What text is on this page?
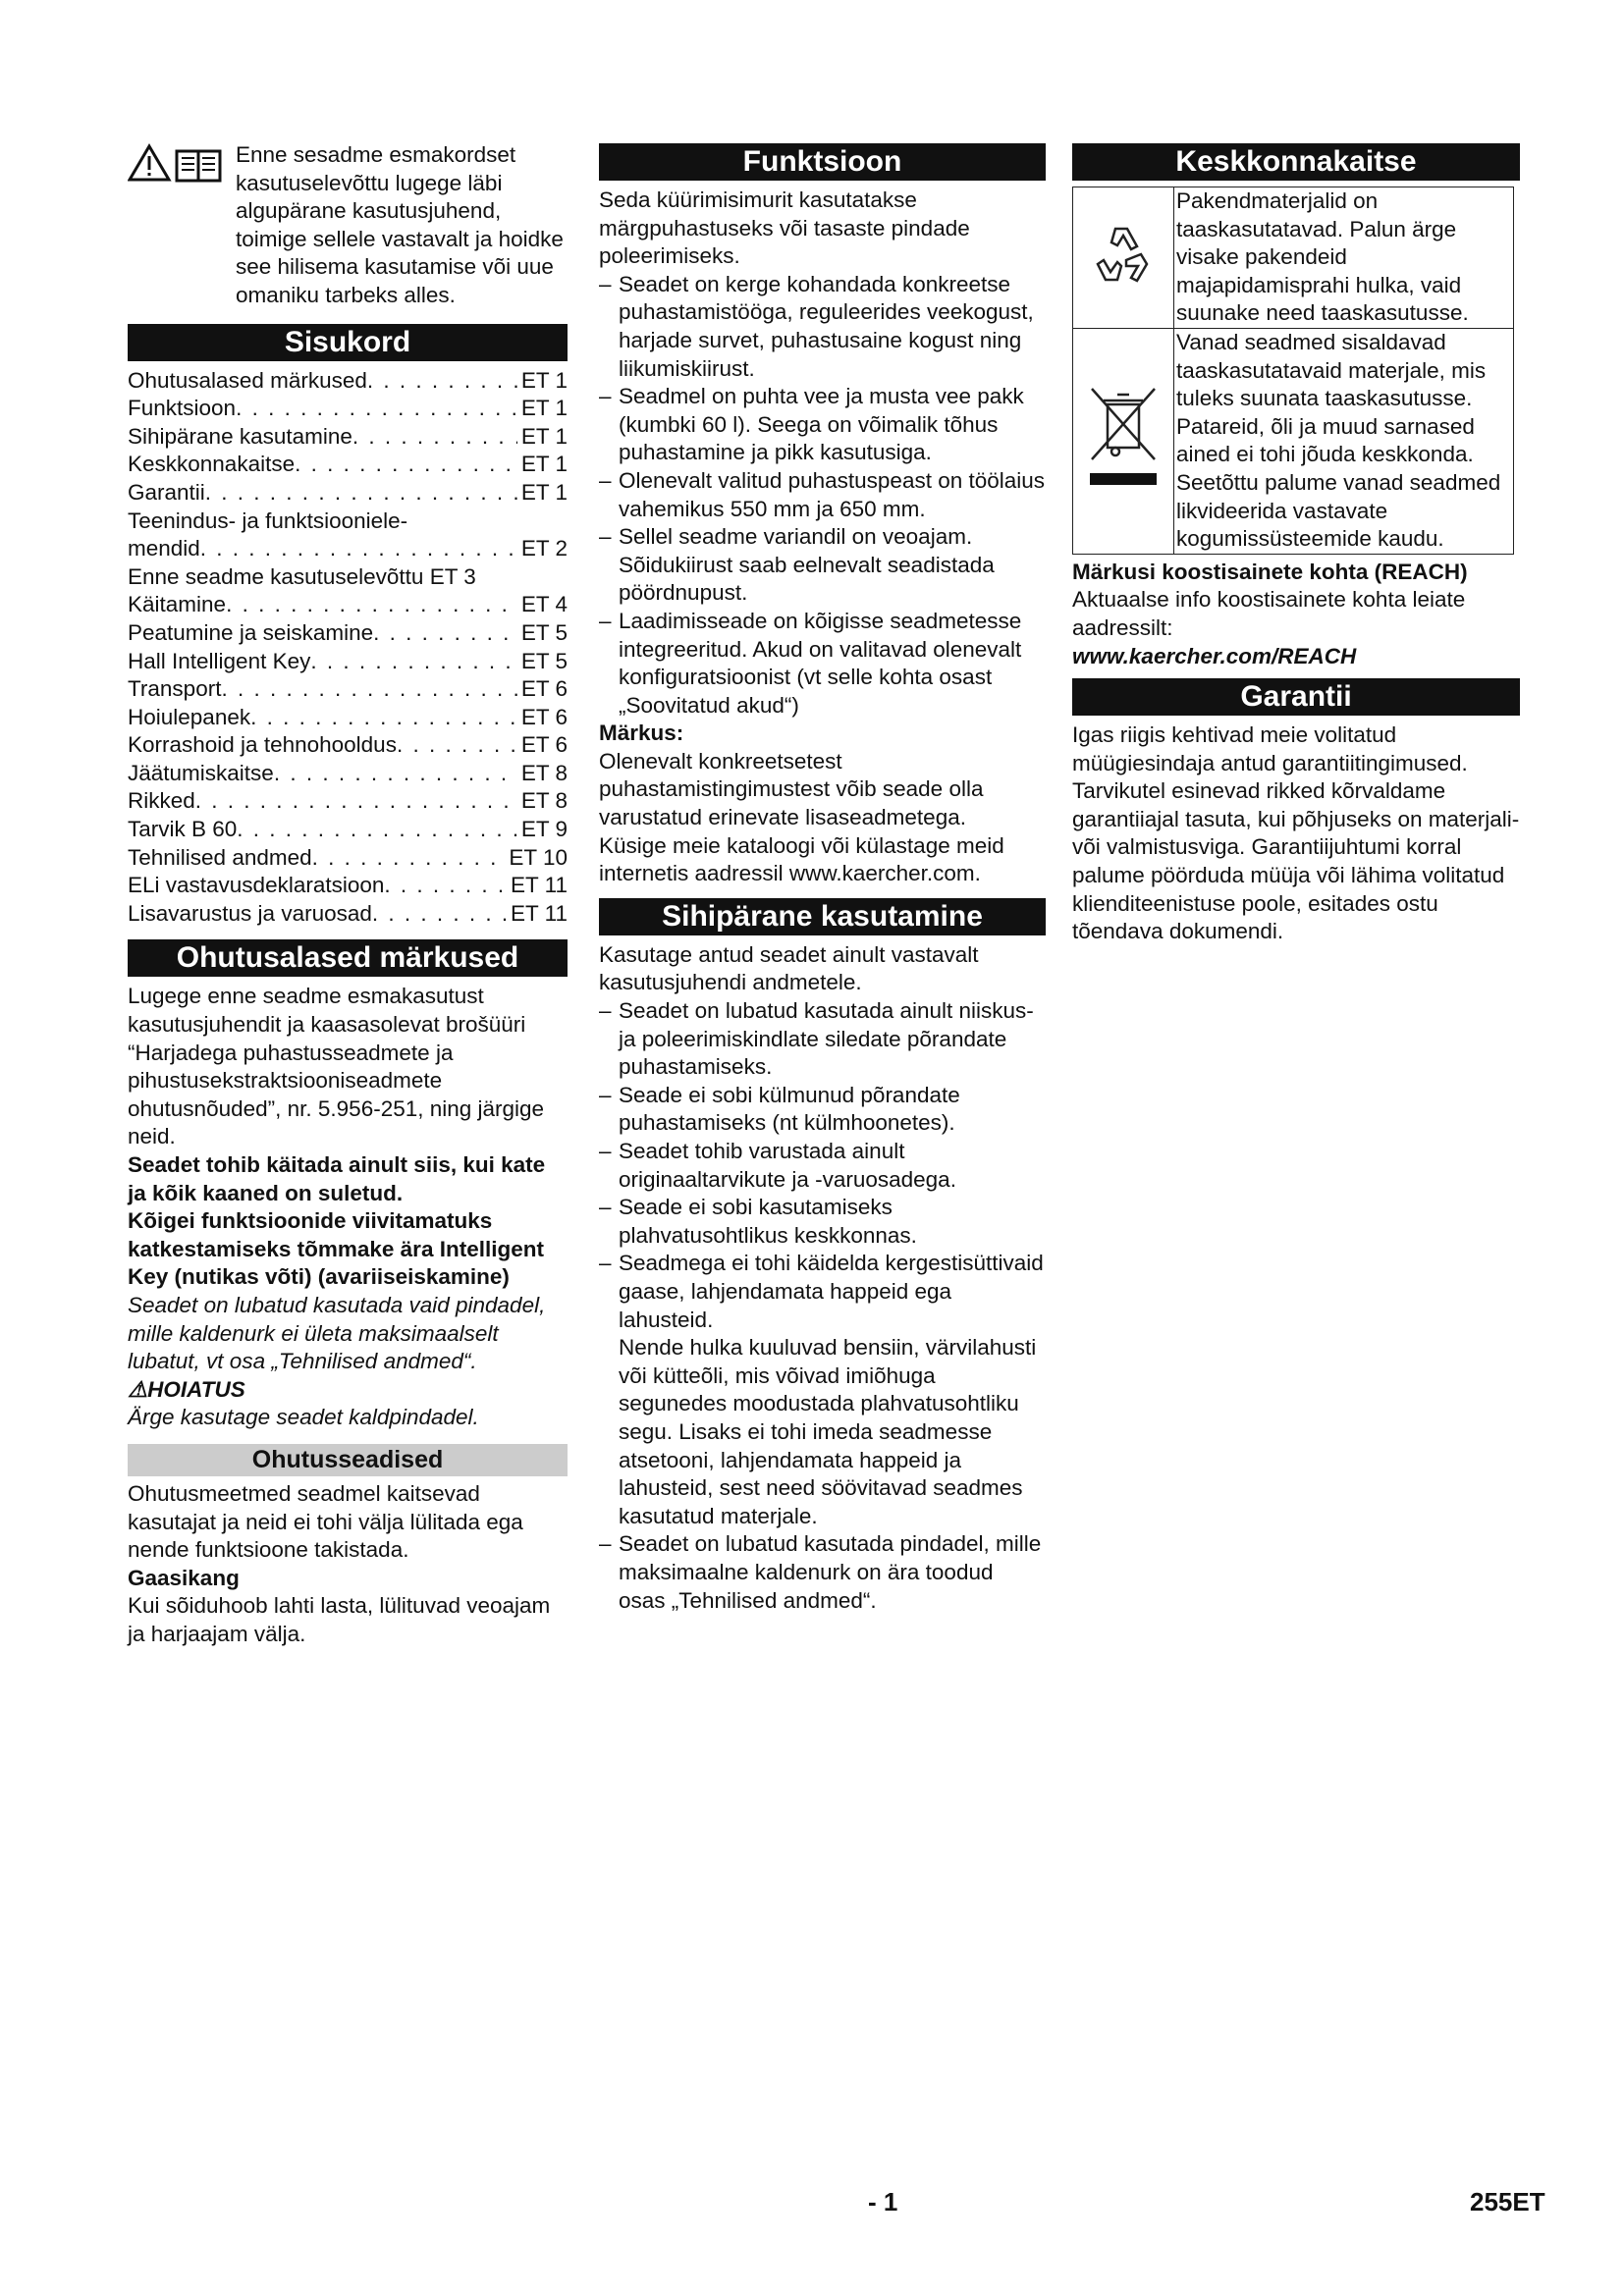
Enne sesadme esmakordset kasutuselevõttu lugege läbi algupärane kasutusjuhend, toimige sellele vastavalt ja hoidke see hilisema kasutamise või uue omaniku tarbeks alles.

Sisukord
Ohutusalased märkused . . .	ET 1
Funktsioon . . .	ET 1
Sihipärane kasutamine . . .	ET 1
Keskkonnakaitse . . .	ET 1
Garantii . . .	ET 1
Teenindus- ja funktsiooniele-
mendid . . .	ET 2
Enne seadme kasutuselevõttu ET 3
Käitamine . . .	ET 4
Peatumine ja seiskamine . . .	ET 5
Hall Intelligent Key . . .	ET 5
Transport . . .	ET 6
Hoiulepanek . . .	ET 6
Korrashoid ja tehnohooldus . . .	ET 6
Jäätumiskaitse . . .	ET 8
Rikked . . .	ET 8
Tarvik B 60 . . .	ET 9
Tehnilised andmed . . .	ET 10
ELi vastavusdeklaratsioon . . .	ET 11
Lisavarustus ja varuosad . . .	ET 11
Ohutusalased märkused

Lugege enne seadme esmakasutust kasutusjuhendit ja kaasasolevat brošüüri “Harjadega puhastusseadmete ja pihustusekstraktsiooniseadmete ohutusnõuded”, nr. 5.956-251, ning järgige neid.

Seadet tohib käitada ainult siis, kui kate ja kõik kaaned on suletud.

Kõigei funktsioonide viivitamatuks katkestamiseks tõmmake ära Intelligent Key (nutikas võti) (avariiseiskamine)

Seadet on lubatud kasutada vaid pindadel, mille kaldenurk ei ületa maksimaalselt lubatut, vt osa „Tehnilised andmed“.

⚠HOIATUS

Ärge kasutage seadet kaldpindadel.

Ohutusseadised

Ohutusmeetmed seadmel kaitsevad kasutajat ja neid ei tohi välja lülitada ega nende funktsioone takistada.

Gaasikang

Kui sõiduhoob lahti lasta, lülituvad veoajam ja harjaajam välja.

Funktsioon

Seda küürimisimurit kasutatakse märgpuhastuseks või tasaste pindade poleerimiseks.

– Seadet on kerge kohandada konkreetse puhastamistööga, reguleerides veekogust, harjade survet, puhastusaine kogust ning liikumiskiirust.
– Seadmel on puhta vee ja musta vee pakk (kumbki 60 l). Seega on võimalik tõhus puhastamine ja pikk kasutusiga.
– Olenevalt valitud puhastuspeast on töölaius vahemikus 550 mm ja 650 mm.
– Sellel seadme variandil on veoajam. Sõidukiirust saab eelnevalt seadistada pöördnupust.
– Laadimisseade on kõigisse seadmetesse integreeritud. Akud on valitavad olenevalt konfiguratsioonist (vt selle kohta osast „Soovitatud akud“)

Märkus:

Olenevalt konkreetsetest puhastamistingimustest võib seade olla varustatud erinevate lisaseadmetega.

Küsige meie kataloogi või külastage meid internetis aadressil www.kaercher.com.

Sihipärane kasutamine

Kasutage antud seadet ainult vastavalt kasutusjuhendi andmetele.

– Seadet on lubatud kasutada ainult niiskus- ja poleerimiskindlate siledate põrandate puhastamiseks.
– Seade ei sobi külmunud põrandate puhastamiseks (nt külmhoonetes).
– Seadet tohib varustada ainult originaaltarvikute ja -varuosadega.
– Seade ei sobi kasutamiseks plahvatusohtlikus keskkonnas.
– Seadmega ei tohi käidelda kergestisüttivaid gaase, lahjendamata happeid ega lahusteid.
Nende hulka kuuluvad bensiin, värvilahusti või kütteõli, mis võivad imiõhuga segunedes moodustada plahvatusohtliku segu. Lisaks ei tohi imeda seadmesse atsetooni, lahjendamata happeid ja lahusteid, sest need söövitavad seadmes kasutatud materjale.
– Seadet on lubatud kasutada pindadel, mille maksimaalne kaldenurk on ära toodud osas „Tehnilised andmed“.
Keskkonnakaitse
	Pakendmaterjalid on taaskasutatavad. Palun ärge visake pakendeid majapidamisprahi hulka, vaid suunake need taaskasutusse.
	Vanad seadmed sisaldavad taaskasutatavaid materjale, mis tuleks suunata taaskasutusse. Patareid, õli ja muud sarnased ained ei tohi jõuda keskkonda. Seetõttu palume vanad seadmed likvideerida vastavate kogumissüsteemide kaudu.

Märkusi koostisainete kohta (REACH)

Aktuaalse info koostisainete kohta leiate aadressilt:

www.kaercher.com/REACH

Garantii

Igas riigis kehtivad meie volitatud müügiesindaja antud garantiitingimused. Tarvikutel esinevad rikked kõrvaldame garantiiajal tasuta, kui põhjuseks on materjali- või valmistusviga. Garantiijuhtumi korral palume pöörduda müüja või lähima volitatud klienditeenistuse poole, esitades ostu tõendava dokumendi.

- 1	255ET
